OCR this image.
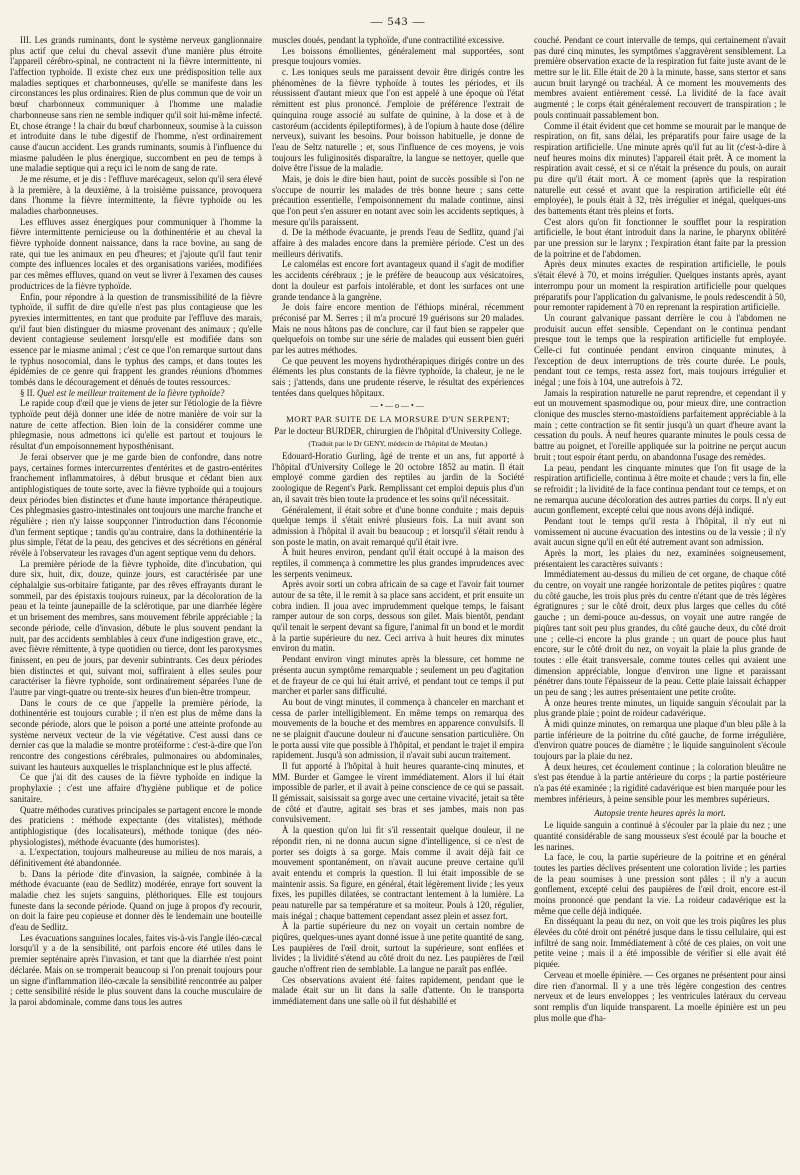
— 543 —

III. Les grands ruminants, dont le système nerveux ganglionnaire plus actif que celui du cheval assevit d'une manière plus étroite l'appareil cérébro-spinal, ne contractent ni la fièvre intermittente, ni l'affection typhoïde. Il existe chez eux une prédisposition telle aux maladies septiques et charbonneuses, qu'elle se manifeste dans les circonstances les plus ordinaires. Rien de plus commun que de voir un bœuf charbonneux communiquer à l'homme une maladie charbonneuse sans rien ne semble indiquer qu'il soit lui-même infecté. Et, chose étrange ! la chair du bœuf charbonneux, soumise à la cuisson et introduite dans le tube digestif de l'homme, n'est ordinairement cause d'aucun accident. Les grands ruminants, soumis à l'influence du miasme paludéen le plus énergique, succombent en peu de temps à une maladie septique qui a reçu ici le nom de sang de rate.

Je me résume, et je dis : l'effluve marécageux, selon qu'il sera élevé à la première, à la deuxième, à la troisième puissance, provoquera dans l'homme la fièvre intermittente, la fièvre typhoïde ou les maladies charbonneuses.

Les effluves assez énergiques pour communiquer à l'homme la fièvre intermittente pernicieuse ou la dothinentérie et au cheval la fièvre typhoïde donnent naissance, dans la race bovine, au sang de rate, qui tue les animaux en peu d'heures; et j'ajoute qu'il faut tenir compte des influences locales et des organisations variées, modifiées par ces mêmes effluves, quand on veut se livrer à l'examen des causes productrices de la fièvre typhoïde.

Enfin, pour répondre à la question de transmissibilité de la fièvre typhoïde, il suffit de dire qu'elle n'est pas plus contagieuse que les pyrexies intermittentes, en tant que produite par l'effluve des marais, qu'il faut bien distinguer du miasme provenant des animaux ; qu'elle devient contagieuse seulement lorsqu'elle est modifiée dans son essence par le miasme animal ; c'est ce que l'on remarque surtout dans le typhus nosocomial, dans le typhus des camps, et dans toutes les épidémies de ce genre qui frappent les grandes réunions d'hommes tombés dans le découragement et dénués de toutes ressources.

§ II. Quel est le meilleur traitement de la fièvre typhoïde?

Le rapide coup d'œil que je viens de jeter sur l'étiologie de la fièvre typhoïde peut déjà donner une idée de notre manière de voir sur la nature de cette affection. Bien loin de la considérer comme une phlegmasie, nous admettons ici qu'elle est partout et toujours le résultat d'un empoisonnement hyposthénisant.

Je ferai observer que je me garde bien de confondre, dans notre pays, certaines formes intercurrentes d'entérites et de gastro-entérites franchement inflammatoires, à début brusque et cédant bien aux antiphlogistiques de toute sorte, avec la fièvre typhoïde qui a toujours deux périodes bien distinctes et d'une haute importance thérapeutique. Ces phlegmasies gastro-intestinales ont toujours une marche franche et régulière ; rien n'y laisse soupçonner l'introduction dans l'économie d'un ferment septique ; tandis qu'au contraire, dans la dothinentérie la plus simple, l'état de la peau, des gencives et des sécrétions en général révèle à l'observateur les ravages d'un agent septique venu du dehors.

La première période de la fièvre typhoïde, dite d'incubation, qui dure six, huit, dix, douze, quinze jours, est caractérisée par une céphalalgie sus-orbitaire fatigante, par des rêves effrayants durant le sommeil, par des épistaxis toujours ruineux, par la décoloration de la peau et la teinte jaunepaille de la sclérotique, par une diarrhée légère et un brisement des membres, sans mouvement fébrile appréciable ; la seconde période, celle d'invasion, débute le plus souvent pendant la nuit, par des accidents semblables à ceux d'une indigestion grave, etc., avec fièvre rémittente, à type quotidien ou tierce, dont les paroxysmes finissent, en peu de jours, par devenir subintrants. Ces deux périodes bien distinctes et qui, suivant moi, suffiraient à elles seules pour caractériser la fièvre typhoïde, sont ordinairement séparées l'une de l'autre par vingt-quatre ou trente-six heures d'un bien-être trompeur.

Dans le cours de ce que j'appelle la première période, la dothinentérie est toujours curable ; il n'en est plus de même dans la seconde période, alors que le poison a porté une atteinte profonde au système nerveux vecteur de la vie végétative. C'est aussi dans ce dernier cas que la maladie se montre protéiforme : c'est-à-dire que l'on rencontre des congestions cérébrales, pulmonaires ou abdominales, suivant les hauteurs auxquelles le trisplanchnique est le plus affecté.

Ce que j'ai dit des causes de la fièvre typhoïde en indique la prophylaxie ; c'est une affaire d'hygiène publique et de police sanitaire.

Quatre méthodes curatives principales se partagent encore le monde des praticiens : méthode expectante (des vitalistes), méthode antiphlogistique (des localisateurs), méthode tonique (des néo-physiologistes), méthode évacuante (des humoristes).

a. L'expectation, toujours malheureuse au milieu de nos marais, a définitivement été abandonnée.

b. Dans la période dite d'invasion, la saignée, combinée à la méthode évacuante (eau de Sedlitz) modérée, enraye fort souvent la maladie chez les sujets sanguins, pléthoriques. Elle est toujours funeste dans la seconde période. Quand on juge à propos d'y recourir, on doit la faire peu copieuse et donner dès le lendemain une bouteille d'eau de Sedlitz.

Les évacuations sanguines locales, faites vis-à-vis l'angle iléo-cæcal lorsqu'il y a de la sensibilité, ont parfois encore été utiles dans le premier septénaire après l'invasion, et tant que la diarrhée n'est point déclarée. Mais on se tromperait beaucoup si l'on prenait toujours pour un signe d'inflammation iléo-cæcale la sensibilité rencontrée au palper ; cette sensibilité réside le plus souvent dans la couche musculaire de la paroi abdominale, comme dans tous les autres

muscles doués, pendant la typhoïde, d'une contractilité excessive.

Les boissons émollientes, généralement mal supportées, sont presque toujours vomies.

c. Les toniques seuls me paraissent devoir être dirigés contre les phénomènes de la fièvre typhoïde à toutes les périodes, et ils réussissent d'autant mieux que l'on est appelé à une époque où l'état rémittent est plus prononcé. J'emploie de préférence l'extrait de quinquina rouge associé au sulfate de quinine, à la dose et à de castoréum (accidents épileptiformes), à de l'opium à haute dose (délire nerveux), suivant les besoins. Pour boisson habituelle, je donne de l'eau de Seltz naturelle ; et, sous l'influence de ces moyens, je vois toujours les fuliginosités disparaître, la langue se nettoyer, quelle que doive être l'issue de la maladie.

Mais, je dois le dire bien haut, point de succès possible si l'on ne s'occupe de nourrir les malades de très bonne heure ; sans cette précaution essentielle, l'empoisonnement du malade continue, ainsi que l'on peut s'en assurer en notant avec soin les accidents septiques, à mesure qu'ils paraissent.

d. De la méthode évacuante, je prends l'eau de Sedlitz, quand j'ai affaire à des malades encore dans la première période. C'est un des meilleurs dérivatifs.

Le calomélas est encore fort avantageux quand il s'agit de modifier les accidents cérébraux ; je le préfère de beaucoup aux vésicatoires, dont la douleur est parfois intolérable, et dont les surfaces ont une grande tendance à la gangrène.

Je dois faire encore mention de l'éthiops minéral, récemment préconisé par M. Serres ; il m'a procuré 19 guérisons sur 20 malades. Mais ne nous hâtons pas de conclure, car il faut bien se rappeler que quelquefois on tombe sur une série de malades qui eussent bien guéri par les autres méthodes.

Ce que peuvent les moyens hydrothérapiques dirigés contre un des éléments les plus constants de la fièvre typhoïde, la chaleur, je ne le sais ; j'attends, dans une prudente réserve, le résultat des expériences tentées dans quelques hôpitaux.

—•—o—•—
MORT PAR SUITE DE LA MORSURE D'UN SERPENT;
Par le docteur BURDER, chirurgien de l'hôpital d'University College.
(Traduit par le Dr GENY, médecin de l'hôpital de Meulan.)

Edouard-Horatio Gurling, âgé de trente et un ans, fut apporté à l'hôpital d'University College le 20 octobre 1852 au matin. Il était employé comme gardien des reptiles au jardin de la Société zoologique de Regent's Park. Remplissant cet emploi depuis plus d'un an, il savait très bien toute la prudence et les soins qu'il nécessitait.

Généralement, il était sobre et d'une bonne conduite ; mais depuis quelque temps il s'était enivré plusieurs fois. La nuit avant son admission à l'hôpital il avait bu beaucoup ; et lorsqu'il s'était rendu à son poste le matin, on avait remarqué qu'il était ivre.

À huit heures environ, pendant qu'il était occupé à la maison des reptiles, il commença à commettre les plus grandes imprudences avec les serpents venimeux.

Après avoir sorti un cobra africain de sa cage et l'avoir fait tourner autour de sa tête, il le remit à sa place sans accident, et prit ensuite un cobra indien. Il joua avec imprudemment quelque temps, le faisant ramper autour de son corps, dessous son gilet. Mais bientôt, pendant qu'il tenait le serpent devant sa figure, l'animal fit un bond et le mordit à la partie supérieure du nez. Ceci arriva à huit heures dix minutes environ du matin.

Pendant environ vingt minutes après la blessure, cet homme ne présenta aucun symptôme remarquable ; seulement un peu d'agitation et de frayeur de ce qui lui était arrivé, et pendant tout ce temps il put marcher et parler sans difficulté.

Au bout de vingt minutes, il commença à chanceler en marchant et cessa de parler intelligiblement. En même temps on remarqua des mouvements de la bouche et des membres en apparence convulsifs. Il ne se plaignit d'aucune douleur ni d'aucune sensation particulière. On le porta aussi vite que possible à l'hôpital, et pendant le trajet il empira rapidement. Jusqu'à son admission, il n'avait subi aucun traitement.

Il fut apporté à l'hôpital à huit heures quarante-cinq minutes, et MM. Burder et Gamgee le virent immédiatement. Alors il lui était impossible de parler, et il avait à peine conscience de ce qui se passait. Il gémissait, saisissait sa gorge avec une certaine vivacité, jetait sa tête de côté et d'autre, agitait ses bras et ses jambes, mais non pas convulsivement.

À la question qu'on lui fit s'il ressentait quelque douleur, il ne répondit rien, ni ne donna aucun signe d'intelligence, si ce n'est de porter ses doigts à sa gorge. Mais comme il avait déjà fait ce mouvement spontanément, on n'avait aucune preuve certaine qu'il avait entendu et compris la question. Il lui était impossible de se maintenir assis. Sa figure, en général, était légèrement livide ; les yeux fixes, les pupilles dilatées, se contractant lentement à la lumière. La peau naturelle par sa température et sa moiteur. Pouls à 120, régulier, mais inégal ; chaque battement cependant assez plein et assez fort.

À la partie supérieure du nez on voyait un certain nombre de piqûres, quelques-unes ayant donné issue à une petite quantité de sang. Les paupières de l'œil droit, surtout la supérieure, sont enflées et livides ; la lividité s'étend au côté droit du nez. Les paupières de l'œil gauche n'offrent rien de semblable. La langue ne paraît pas enflée.

Ces observations avaient été faites rapidement, pendant que le malade était sur un lit dans la salle d'attente. On le transporta immédiatement dans une salle où il fut déshabillé et

couché. Pendant ce court intervalle de temps, qui certainement n'avait pas duré cinq minutes, les symptômes s'aggravèrent sensiblement. La première observation exacte de la respiration fut faite juste avant de le mettre sur le lit. Elle était de 20 à la minute, basse, sans stertor et sans aucun bruit laryngé ou trachéal. À ce moment les mouvements des membres avaient entièrement cessé. La lividité de la face avait augmenté ; le corps était généralement recouvert de transpiration ; le pouls continuait passablement bon.

Comme il était évident que cet homme se mourait par le manque de respiration, on fit, sans délai, les préparatifs pour faire usage de la respiration artificielle. Une minute après qu'il fut au lit (c'est-à-dire à neuf heures moins dix minutes) l'appareil était prêt. À ce moment la respiration avait cessé, et si ce n'était la présence du pouls, on aurait pu dire qu'il était mort. À ce moment (après que la respiration naturelle eut cessé et avant que la respiration artificielle eût été employée), le pouls était à 32, très irrégulier et inégal, quelques-uns des battements étant très pleins et forts.

C'est alors qu'on fit fonctionner le soufflet pour la respiration artificielle, le bout étant introduit dans la narine, le pharynx oblitéré par une pression sur le larynx ; l'expiration étant faite par la pression de la poitrine et de l'abdomen.

Après deux minutes exactes de respiration artificielle, le pouls s'était élevé à 70, et moins irrégulier. Quelques instants après, ayant interrompu pour un moment la respiration artificielle pour quelques préparatifs pour l'application du galvanisme, le pouls redescendit à 50, pour remonter rapidement à 70 en reprenant la respiration artificielle.

Un courant galvanique passant derrière le cou à l'abdomen ne produisit aucun effet sensible. Cependant on le continua pendant presque tout le temps que la respiration artificielle fut employée. Celle-ci fut continuée pendant environ cinquante minutes, à l'exception de deux interruptions de très courte durée. Le pouls, pendant tout ce temps, resta assez fort, mais toujours irrégulier et inégal ; une fois à 104, une autrefois à 72.

Jamais la respiration naturelle ne parut reprendre, et cependant il y eut un mouvement spasmodique ou, pour mieux dire, une contraction clonique des muscles sterno-mastoïdiens parfaitement appréciable à la main ; cette contraction se fit sentir jusqu'à un quart d'heure avant la cessation du pouls. À neuf heures quarante minutes le pouls cessa de battre au poignet, et l'oreille appliquée sur la poitrine ne perçut aucun bruit ; tout espoir étant perdu, on abandonna l'usage des remèdes.

La peau, pendant les cinquante minutes que l'on fit usage de la respiration artificielle, continua à être moite et chaude ; vers la fin, elle se refroidit ; la lividité de la face continua pendant tout ce temps, et on ne remarqua aucune décoloration des autres parties du corps. Il n'y eut aucun gonflement, excepté celui que nous avons déjà indiqué.

Pendant tout le temps qu'il resta à l'hôpital, il n'y eut ni vomissement ni aucune évacuation des intestins ou de la vessie ; il n'y avait aucun signe qu'il en eût été autrement avant son admission.

Après la mort, les plaies du nez, examinées soigneusement, présentaient les caractères suivants :

Immédiatement au-dessus du milieu de cet organe, de chaque côté du centre, on voyait une rangée horizontale de petites piqûres : quatre du côté gauche, les trois plus près du centre n'étant que de très légères égratignures ; sur le côté droit, deux plus larges que celles du côté gauche ; un demi-pouce au-dessus, on voyait une autre rangée de piqûres tant soit peu plus grandes, du côté gauche deux, du côté droit une ; celle-ci encore la plus grande ; un quart de pouce plus haut encore, sur le côté droit du nez, on voyait la plaie la plus grande de toutes : elle était transversale, comme toutes celles qui avaient une dimension appréciable, longue d'environ une ligne et paraissant pénétrer dans toute l'épaisseur de la peau. Cette plaie laissait échapper un peu de sang ; les autres présentaient une petite croûte.

À onze heures trente minutes, un liquide sanguin s'écoulait par la plus grande plaie ; point de roideur cadavérique.

À midi quinze minutes, on remarqua une plaque d'un bleu pâle à la partie inférieure de la poitrine du côté gauche, de forme irrégulière, d'environ quatre pouces de diamètre ; le liquide sanguinolent s'écoule toujours par la plaie du nez.

À deux heures, cet écoulement continue ; la coloration bleuâtre ne s'est pas étendue à la partie antérieure du corps ; la partie postérieure n'a pas été examinée ; la rigidité cadavérique est bien marquée pour les membres inférieurs, à peine sensible pour les membres supérieurs.

Autopsie trente heures après la mort.

Le liquide sanguin a continué à s'écouler par la plaie du nez ; une quantité considérable de sang mousseux s'est écoulé par la bouche et les narines.

La face, le cou, la partie supérieure de la poitrine et en général toutes les parties déclives présentent une coloration livide ; les parties de la peau soumises à une pression sont pâles ; il n'y a aucun gonflement, excepté celui des paupières de l'œil droit, encore est-il moins prononcé que pendant la vie. La roideur cadavérique est la même que celle déjà indiquée.

En disséquant la peau du nez, on voit que les trois piqûres les plus élevées du côté droit ont pénétré jusque dans le tissu cellulaire, qui est infiltré de sang noir. Immédiatement à côté de ces plaies, on voit une petite veine ; mais il a été impossible de vérifier si elle avait été piquée.

Cerveau et moelle épinière. — Ces organes ne présentent pour ainsi dire rien d'anormal. Il y a une très légère congestion des centres nerveux et de leurs enveloppes ; les ventricules latéraux du cerveau sont remplis d'un liquide transparent. La moelle épinière est un peu plus molle que d'ha-
